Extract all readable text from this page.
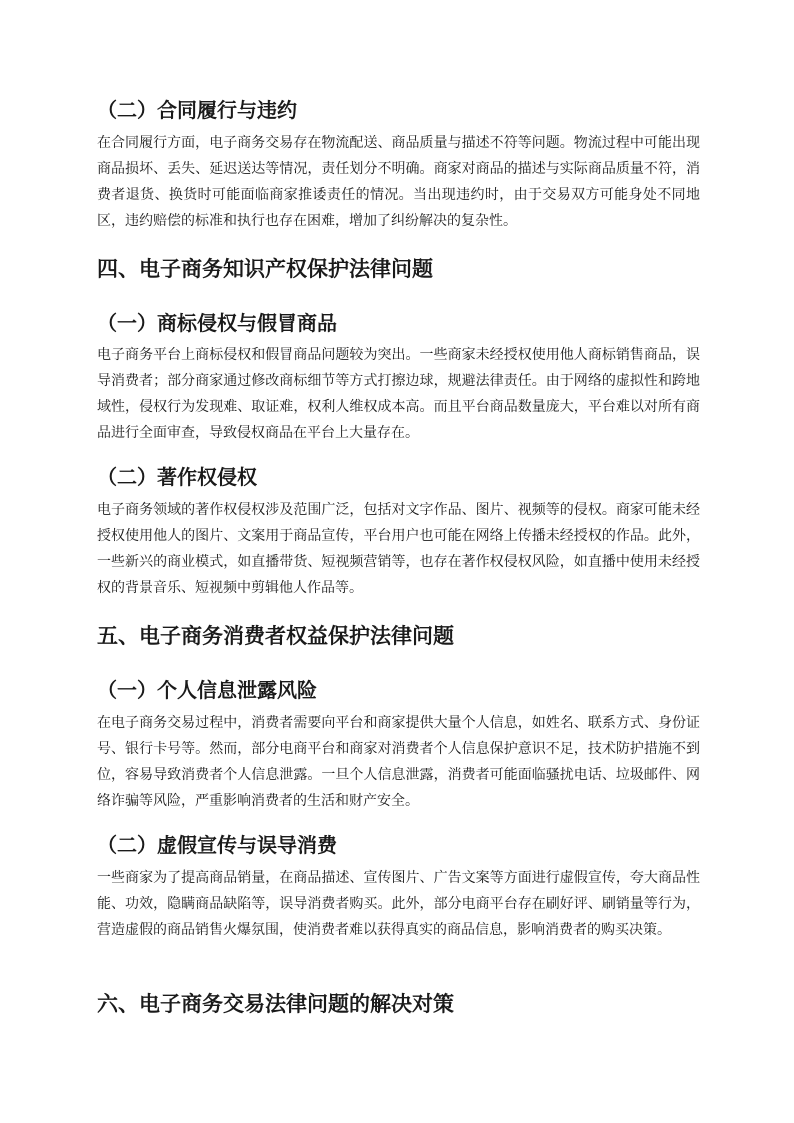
（二）合同履行与违约

在合同履行方面，电子商务交易存在物流配送、商品质量与描述不符等问题。物流过程中可能出现商品损坏、丢失、延迟送达等情况，责任划分不明确。商家对商品的描述与实际商品质量不符，消费者退货、换货时可能面临商家推诿责任的情况。当出现违约时，由于交易双方可能身处不同地区，违约赔偿的标准和执行也存在困难，增加了纠纷解决的复杂性。

四、电子商务知识产权保护法律问题
（一）商标侵权与假冒商品

电子商务平台上商标侵权和假冒商品问题较为突出。一些商家未经授权使用他人商标销售商品，误导消费者；部分商家通过修改商标细节等方式打擦边球，规避法律责任。由于网络的虚拟性和跨地域性，侵权行为发现难、取证难，权利人维权成本高。而且平台商品数量庞大，平台难以对所有商品进行全面审查，导致侵权商品在平台上大量存在。

（二）著作权侵权

电子商务领域的著作权侵权涉及范围广泛，包括对文字作品、图片、视频等的侵权。商家可能未经授权使用他人的图片、文案用于商品宣传，平台用户也可能在网络上传播未经授权的作品。此外，一些新兴的商业模式，如直播带货、短视频营销等，也存在著作权侵权风险，如直播中使用未经授权的背景音乐、短视频中剪辑他人作品等。

五、电子商务消费者权益保护法律问题
（一）个人信息泄露风险

在电子商务交易过程中，消费者需要向平台和商家提供大量个人信息，如姓名、联系方式、身份证号、银行卡号等。然而，部分电商平台和商家对消费者个人信息保护意识不足，技术防护措施不到位，容易导致消费者个人信息泄露。一旦个人信息泄露，消费者可能面临骚扰电话、垃圾邮件、网络诈骗等风险，严重影响消费者的生活和财产安全。

（二）虚假宣传与误导消费

一些商家为了提高商品销量，在商品描述、宣传图片、广告文案等方面进行虚假宣传，夸大商品性能、功效，隐瞒商品缺陷等，误导消费者购买。此外，部分电商平台存在刷好评、刷销量等行为，营造虚假的商品销售火爆氛围，使消费者难以获得真实的商品信息，影响消费者的购买决策。

六、电子商务交易法律问题的解决对策
